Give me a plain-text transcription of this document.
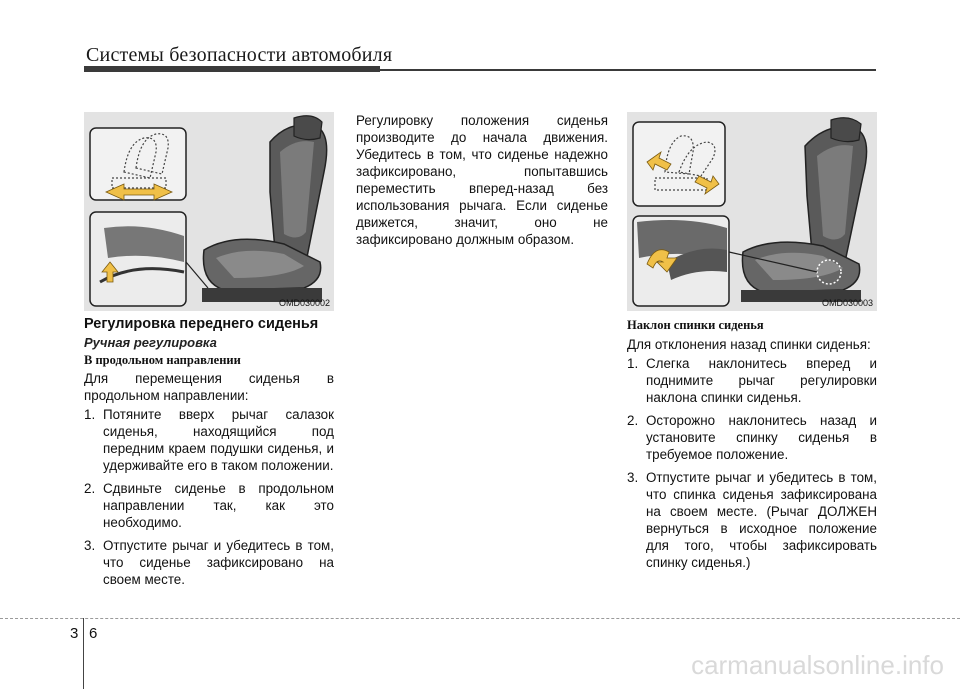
Системы безопасности автомобиля
OMD030002	OMD030003
Регулировка переднего сиденья
Ручная регулировка
В продольном направлении

Для перемещения сиденья в продольном направлении:

1. Потяните вверх рычаг салазок сиденья, находящийся под передним краем подушки сиденья, и удерживайте его в таком положении.
2. Сдвиньте сиденье в продольном направлении так, как это необходимо.
3. Отпустите рычаг и убедитесь в том, что сиденье зафиксировано на своем месте.

Регулировку положения сиденья производите до начала движения. Убедитесь в том, что сиденье надежно зафиксировано, попытавшись переместить вперед-назад без использования рычага. Если сиденье движется, значит, оно не зафиксировано должным образом.

Наклон спинки сиденья

Для отклонения назад спинки сиденья:

1. Слегка наклонитесь вперед и поднимите рычаг регулировки наклона спинки сиденья.
2. Осторожно наклонитесь назад и установите спинку сиденья в требуемое положение.
3. Отпустите рычаг и убедитесь в том, что спинка сиденья зафиксирована на своем месте. (Рычаг ДОЛЖЕН вернуться в исходное положение для того, чтобы зафиксировать спинку сиденья.)
3 6
carmanualsonline.info
